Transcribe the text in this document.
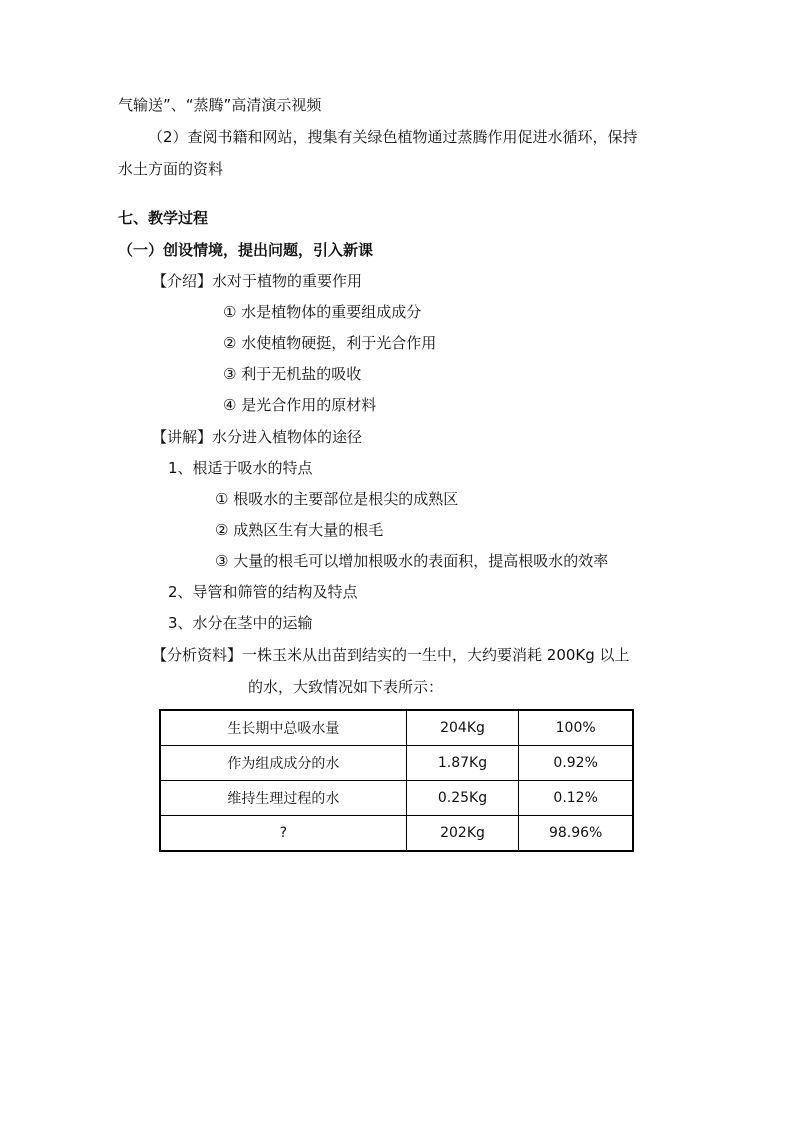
气输送”、“蒸腾”高清演示视频
（2）查阅书籍和网站，搜集有关绿色植物通过蒸腾作用促进水循环，保持
水土方面的资料
七、教学过程
（一）创设情境，提出问题，引入新课
【介绍】水对于植物的重要作用
① 水是植物体的重要组成成分
② 水使植物硬挺，利于光合作用
③ 利于无机盐的吸收
④ 是光合作用的原材料
【讲解】水分进入植物体的途径
1、根适于吸水的特点
① 根吸水的主要部位是根尖的成熟区
② 成熟区生有大量的根毛
③ 大量的根毛可以增加根吸水的表面积，提高根吸水的效率
2、导管和筛管的结构及特点
3、水分在茎中的运输
【分析资料】一株玉米从出苗到结实的一生中，大约要消耗 200Kg 以上
的水，大致情况如下表所示：
生长期中总吸水量	204Kg	100%
作为组成成分的水	1.87Kg	0.92%
维持生理过程的水	0.25Kg	0.12%
?	202Kg	98.96%
